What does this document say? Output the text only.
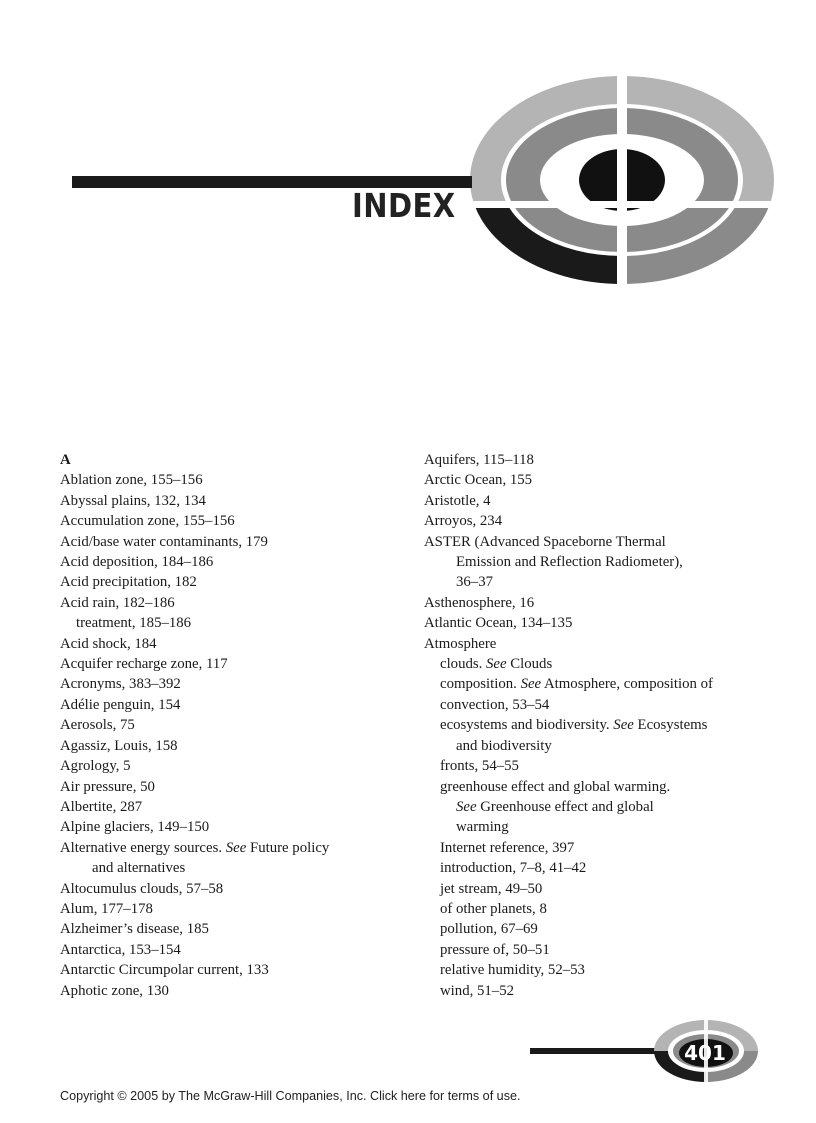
INDEX
A
Ablation zone, 155–156
Abyssal plains, 132, 134
Accumulation zone, 155–156
Acid/base water contaminants, 179
Acid deposition, 184–186
Acid precipitation, 182
Acid rain, 182–186
treatment, 185–186
Acid shock, 184
Acquifer recharge zone, 117
Acronyms, 383–392
Adélie penguin, 154
Aerosols, 75
Agassiz, Louis, 158
Agrology, 5
Air pressure, 50
Albertite, 287
Alpine glaciers, 149–150
Alternative energy sources. See Future policy
and alternatives
Altocumulus clouds, 57–58
Alum, 177–178
Alzheimer’s disease, 185
Antarctica, 153–154
Antarctic Circumpolar current, 133
Aphotic zone, 130
Aquifers, 115–118
Arctic Ocean, 155
Aristotle, 4
Arroyos, 234
ASTER (Advanced Spaceborne Thermal
Emission and Reflection Radiometer),
36–37
Asthenosphere, 16
Atlantic Ocean, 134–135
Atmosphere
clouds. See Clouds
composition. See Atmosphere, composition of
convection, 53–54
ecosystems and biodiversity. See Ecosystems
and biodiversity
fronts, 54–55
greenhouse effect and global warming.
See Greenhouse effect and global
warming
Internet reference, 397
introduction, 7–8, 41–42
jet stream, 49–50
of other planets, 8
pollution, 67–69
pressure of, 50–51
relative humidity, 52–53
wind, 51–52
401
Copyright © 2005 by The McGraw-Hill Companies, Inc. Click here for terms of use.
